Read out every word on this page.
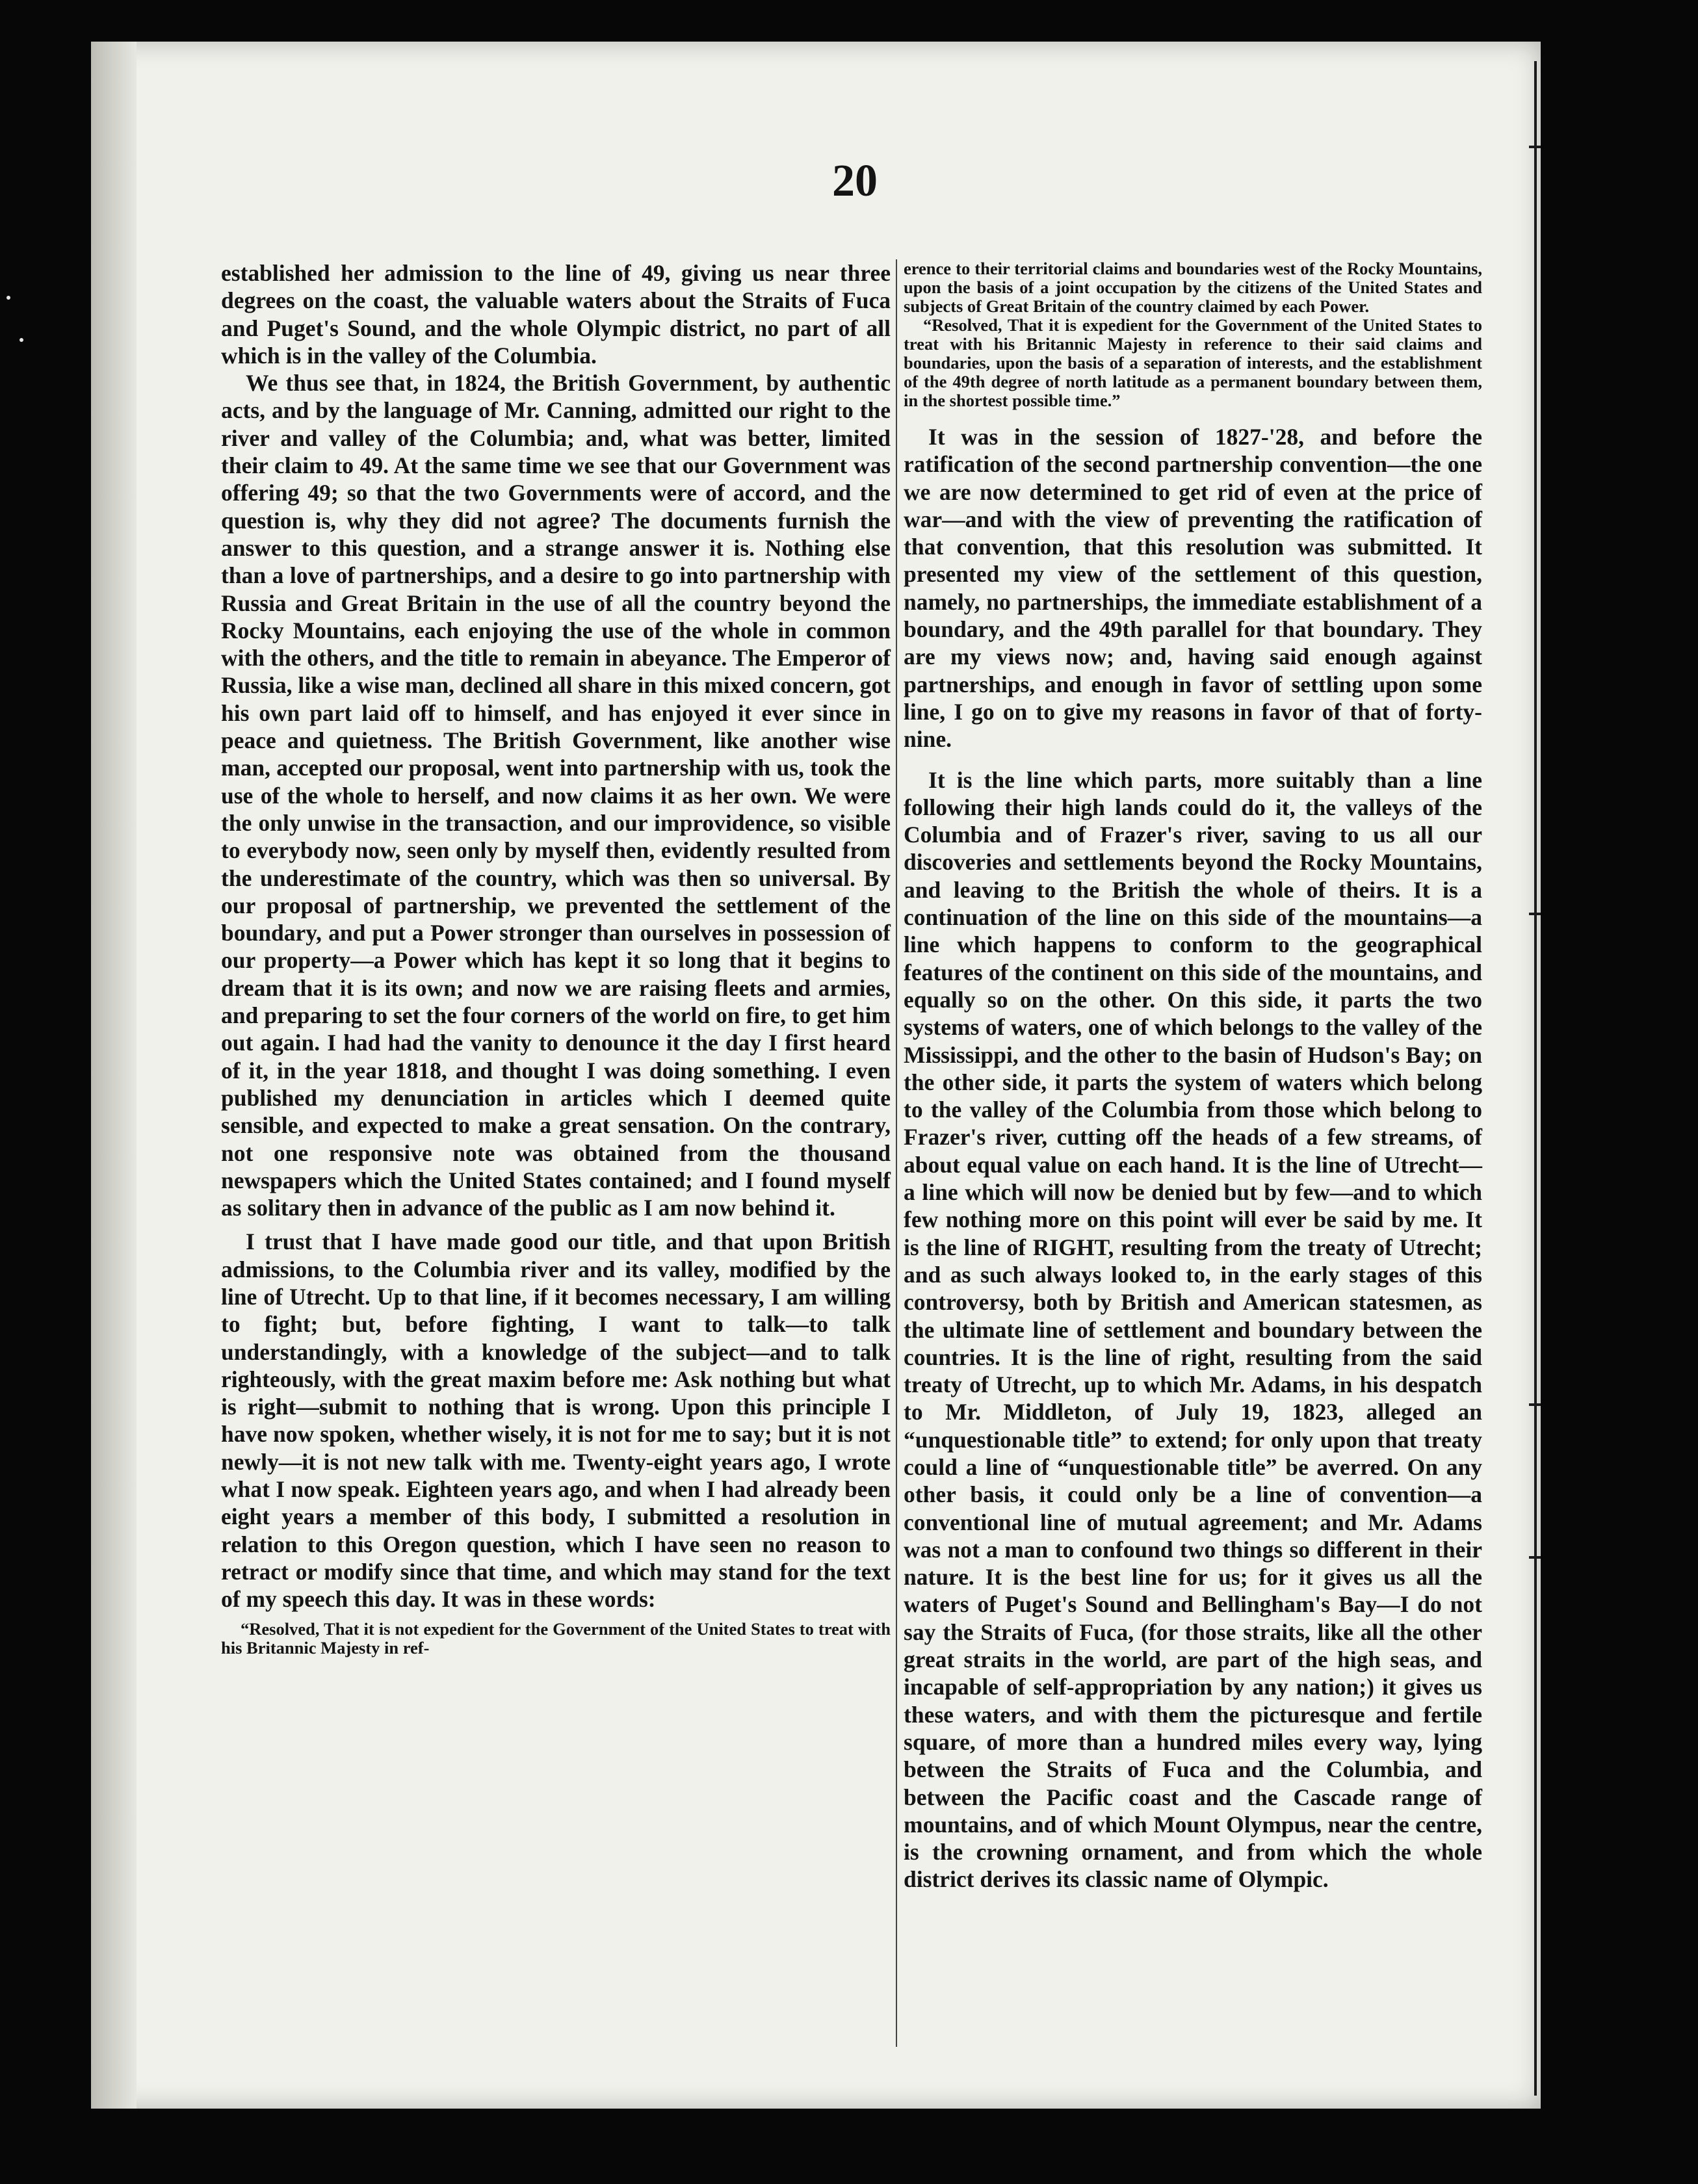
20

established her admission to the line of 49, giving us near three degrees on the coast, the valuable waters about the Straits of Fuca and Puget's Sound, and the whole Olympic district, no part of all which is in the valley of the Columbia.

We thus see that, in 1824, the British Government, by authentic acts, and by the language of Mr. Canning, admitted our right to the river and valley of the Columbia; and, what was better, limited their claim to 49. At the same time we see that our Government was offering 49; so that the two Governments were of accord, and the question is, why they did not agree? The documents furnish the answer to this question, and a strange answer it is. Nothing else than a love of partnerships, and a desire to go into partnership with Russia and Great Britain in the use of all the country beyond the Rocky Mountains, each enjoying the use of the whole in common with the others, and the title to remain in abeyance. The Emperor of Russia, like a wise man, declined all share in this mixed concern, got his own part laid off to himself, and has enjoyed it ever since in peace and quietness. The British Government, like another wise man, accepted our proposal, went into partnership with us, took the use of the whole to herself, and now claims it as her own. We were the only unwise in the transaction, and our improvidence, so visible to everybody now, seen only by myself then, evidently resulted from the underestimate of the country, which was then so universal. By our proposal of partnership, we prevented the settlement of the boundary, and put a Power stronger than ourselves in possession of our property—a Power which has kept it so long that it begins to dream that it is its own; and now we are raising fleets and armies, and preparing to set the four corners of the world on fire, to get him out again. I had had the vanity to denounce it the day I first heard of it, in the year 1818, and thought I was doing something. I even published my denunciation in articles which I deemed quite sensible, and expected to make a great sensation. On the contrary, not one responsive note was obtained from the thousand newspapers which the United States contained; and I found myself as solitary then in advance of the public as I am now behind it.

I trust that I have made good our title, and that upon British admissions, to the Columbia river and its valley, modified by the line of Utrecht. Up to that line, if it becomes necessary, I am willing to fight; but, before fighting, I want to talk—to talk understandingly, with a knowledge of the subject—and to talk righteously, with the great maxim before me: Ask nothing but what is right—submit to nothing that is wrong. Upon this principle I have now spoken, whether wisely, it is not for me to say; but it is not newly—it is not new talk with me. Twenty-eight years ago, I wrote what I now speak. Eighteen years ago, and when I had already been eight years a member of this body, I submitted a resolution in relation to this Oregon question, which I have seen no reason to retract or modify since that time, and which may stand for the text of my speech this day. It was in these words:

“Resolved, That it is not expedient for the Government of the United States to treat with his Britannic Majesty in ref-

erence to their territorial claims and boundaries west of the Rocky Mountains, upon the basis of a joint occupation by the citizens of the United States and subjects of Great Britain of the country claimed by each Power.

“Resolved, That it is expedient for the Government of the United States to treat with his Britannic Majesty in reference to their said claims and boundaries, upon the basis of a separation of interests, and the establishment of the 49th degree of north latitude as a permanent boundary between them, in the shortest possible time.”

It was in the session of 1827-'28, and before the ratification of the second partnership convention—the one we are now determined to get rid of even at the price of war—and with the view of preventing the ratification of that convention, that this resolution was submitted. It presented my view of the settlement of this question, namely, no partnerships, the immediate establishment of a boundary, and the 49th parallel for that boundary. They are my views now; and, having said enough against partnerships, and enough in favor of settling upon some line, I go on to give my reasons in favor of that of forty-nine.

It is the line which parts, more suitably than a line following their high lands could do it, the valleys of the Columbia and of Frazer's river, saving to us all our discoveries and settlements beyond the Rocky Mountains, and leaving to the British the whole of theirs. It is a continuation of the line on this side of the mountains—a line which happens to conform to the geographical features of the continent on this side of the mountains, and equally so on the other. On this side, it parts the two systems of waters, one of which belongs to the valley of the Mississippi, and the other to the basin of Hudson's Bay; on the other side, it parts the system of waters which belong to the valley of the Columbia from those which belong to Frazer's river, cutting off the heads of a few streams, of about equal value on each hand. It is the line of Utrecht—a line which will now be denied but by few—and to which few nothing more on this point will ever be said by me. It is the line of RIGHT, resulting from the treaty of Utrecht; and as such always looked to, in the early stages of this controversy, both by British and American statesmen, as the ultimate line of settlement and boundary between the countries. It is the line of right, resulting from the said treaty of Utrecht, up to which Mr. Adams, in his despatch to Mr. Middleton, of July 19, 1823, alleged an “unquestionable title” to extend; for only upon that treaty could a line of “unquestionable title” be averred. On any other basis, it could only be a line of convention—a conventional line of mutual agreement; and Mr. Adams was not a man to confound two things so different in their nature. It is the best line for us; for it gives us all the waters of Puget's Sound and Bellingham's Bay—I do not say the Straits of Fuca, (for those straits, like all the other great straits in the world, are part of the high seas, and incapable of self-appropriation by any nation;) it gives us these waters, and with them the picturesque and fertile square, of more than a hundred miles every way, lying between the Straits of Fuca and the Columbia, and between the Pacific coast and the Cascade range of mountains, and of which Mount Olympus, near the centre, is the crowning ornament, and from which the whole district derives its classic name of Olympic.
